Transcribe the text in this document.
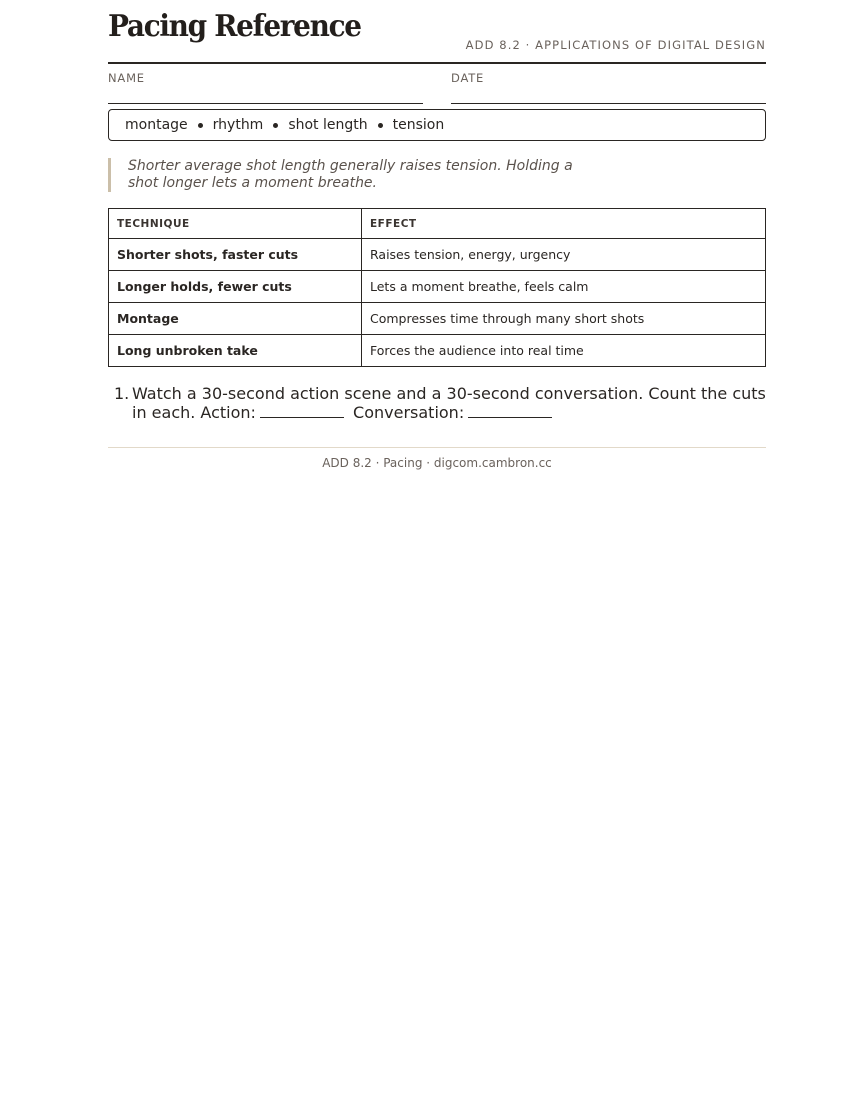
Pacing Reference
ADD 8.2 · APPLICATIONS OF DIGITAL DESIGN
NAME	DATE
montage rhythm shot length tension
Shorter average shot length generally raises tension. Holding a
shot longer lets a moment breathe.
TECHNIQUE	EFFECT
Shorter shots, faster cuts	Raises tension, energy, urgency
Longer holds, fewer cuts	Lets a moment breathe, feels calm
Montage	Compresses time through many short shots
Long unbroken take	Forces the audience into real time
1. Watch a 30-second action scene and a 30-second conversation. Count the cuts in each. Action:	Conversation:
ADD 8.2 · Pacing · digcom.cambron.cc
